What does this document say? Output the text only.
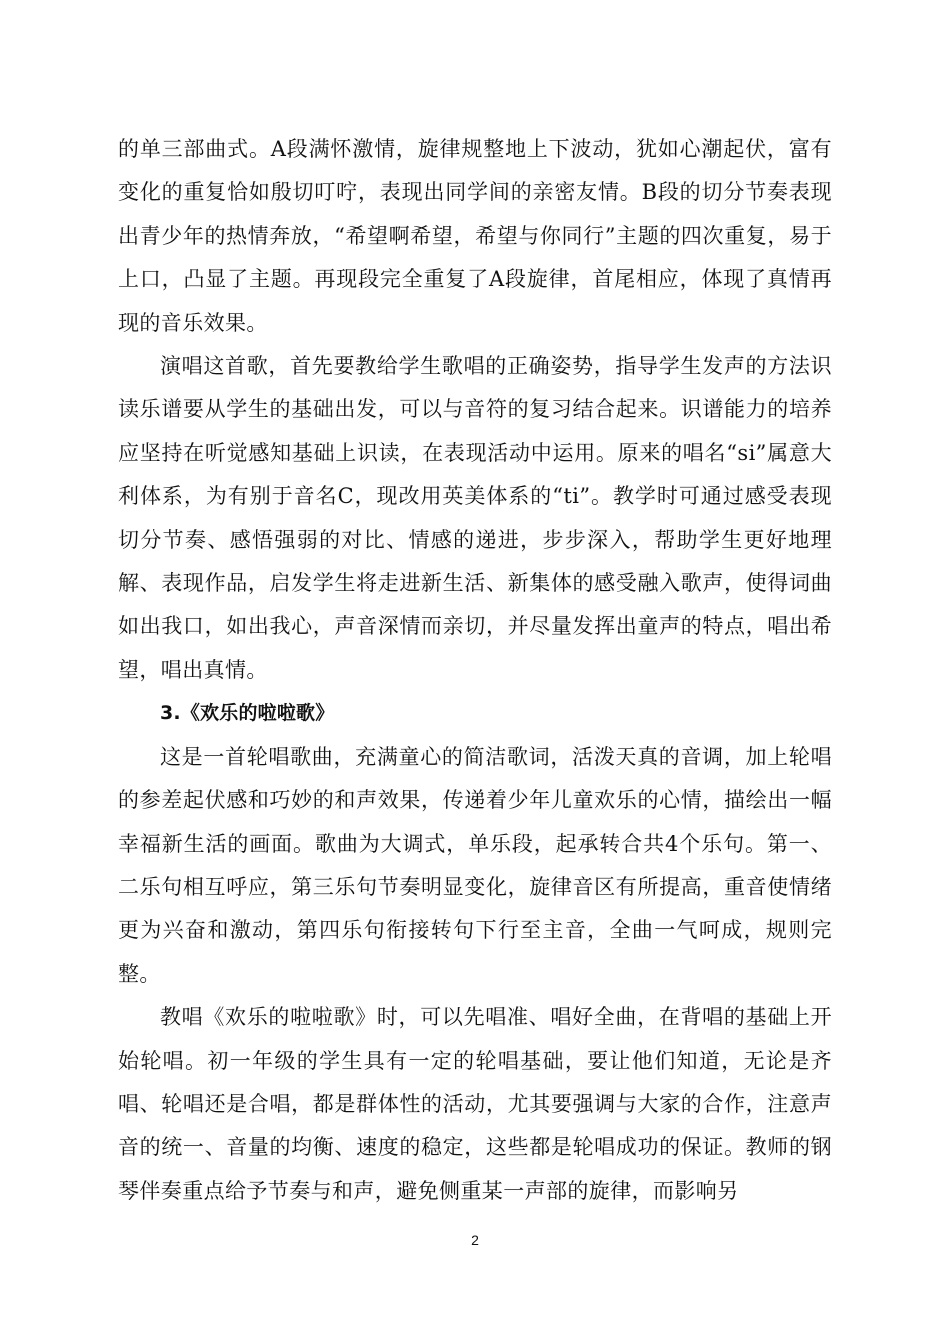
的单三部曲式。A段满怀激情，旋律规整地上下波动，犹如心潮起伏，富有变化的重复恰如殷切叮咛，表现出同学间的亲密友情。B段的切分节奏表现出青少年的热情奔放，“希望啊希望，希望与你同行”主题的四次重复，易于上口，凸显了主题。再现段完全重复了A段旋律，首尾相应，体现了真情再现的音乐效果。

演唱这首歌，首先要教给学生歌唱的正确姿势，指导学生发声的方法识读乐谱要从学生的基础出发，可以与音符的复习结合起来。识谱能力的培养应坚持在听觉感知基础上识读，在表现活动中运用。原来的唱名“si”属意大利体系，为有别于音名C，现改用英美体系的“ti”。教学时可通过感受表现切分节奏、感悟强弱的对比、情感的递进，步步深入，帮助学生更好地理解、表现作品，启发学生将走进新生活、新集体的感受融入歌声，使得词曲如出我口，如出我心，声音深情而亲切，并尽量发挥出童声的特点，唱出希望，唱出真情。

3.《欢乐的啦啦歌》

这是一首轮唱歌曲，充满童心的简洁歌词，活泼天真的音调，加上轮唱的参差起伏感和巧妙的和声效果，传递着少年儿童欢乐的心情，描绘出一幅幸福新生活的画面。歌曲为大调式，单乐段，起承转合共4个乐句。第一、二乐句相互呼应，第三乐句节奏明显变化，旋律音区有所提高，重音使情绪更为兴奋和激动，第四乐句衔接转句下行至主音，全曲一气呵成，规则完整。

教唱《欢乐的啦啦歌》时，可以先唱准、唱好全曲，在背唱的基础上开始轮唱。初一年级的学生具有一定的轮唱基础，要让他们知道，无论是齐唱、轮唱还是合唱，都是群体性的活动，尤其要强调与大家的合作，注意声音的统一、音量的均衡、速度的稳定，这些都是轮唱成功的保证。教师的钢琴伴奏重点给予节奏与和声，避免侧重某一声部的旋律，而影响另

2
